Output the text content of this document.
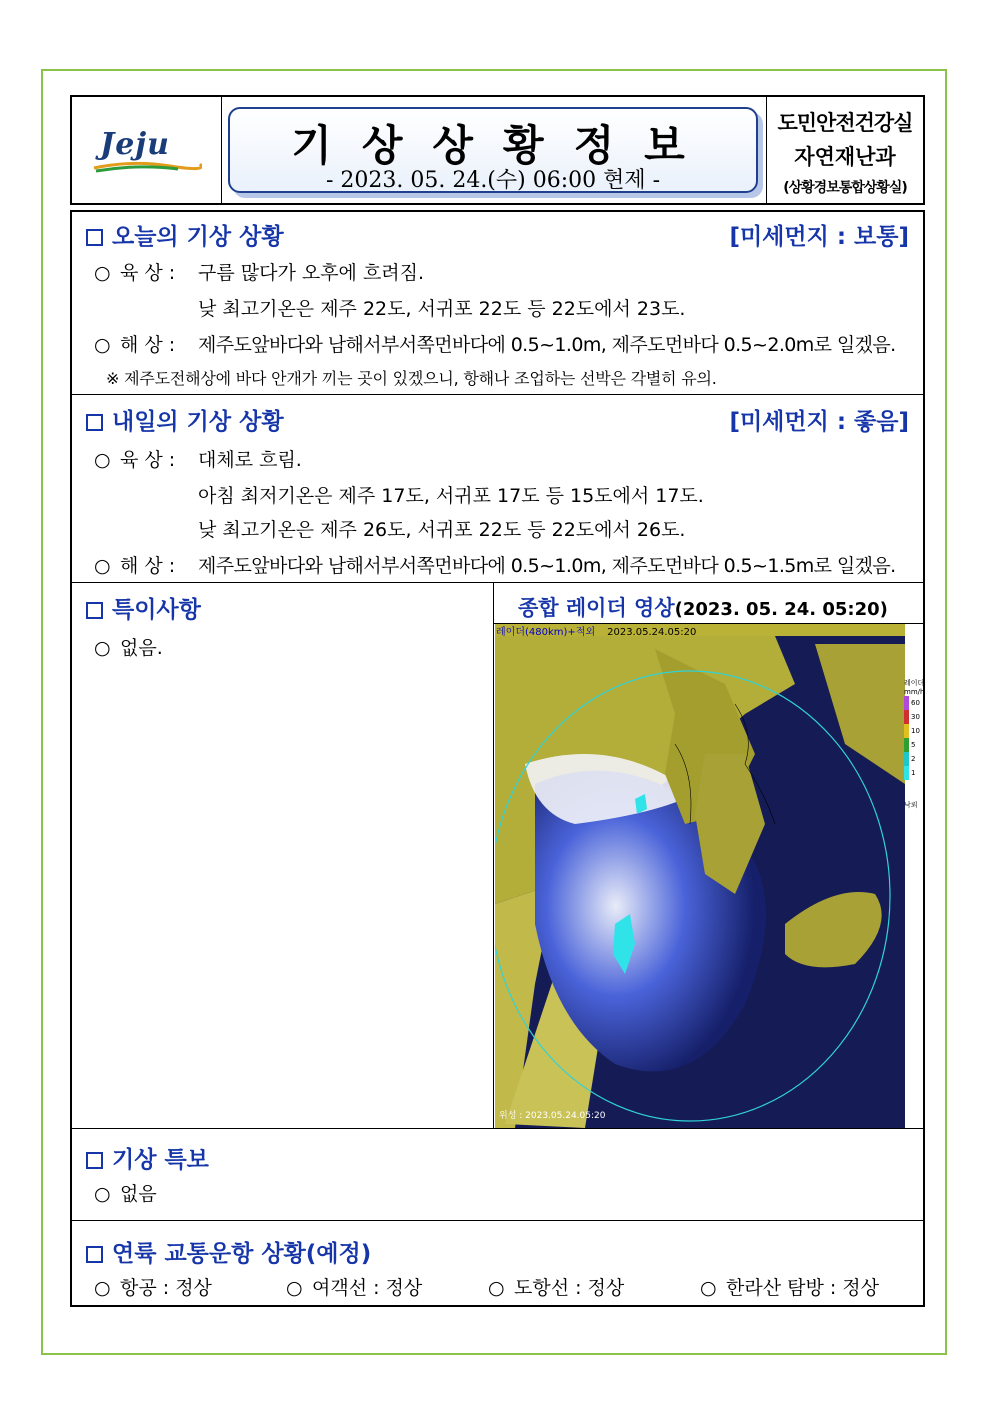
Jeju	기상상황정보
- 2023. 05. 24.(수) 06:00 현제 -
도민안전건강실
자연재난과
(상황경보통합상황실)
오늘의 기상 상황	[미세먼지 : 보통]
○ 육 상 : 구름 많다가 오후에 흐려짐.
낮 최고기온은 제주 22도, 서귀포 22도 등 22도에서 23도.
○ 해 상 : 제주도앞바다와 남해서부서쪽먼바다에 0.5~1.0m, 제주도먼바다 0.5~2.0m로 일겠음.
※ 제주도전해상에 바다 안개가 끼는 곳이 있겠으니, 항해나 조업하는 선박은 각별히 유의.
내일의 기상 상황	[미세먼지 : 좋음]
○ 육 상 : 대체로 흐림.
아침 최저기온은 제주 17도, 서귀포 17도 등 15도에서 17도.
낮 최고기온은 제주 26도, 서귀포 22도 등 22도에서 26도.
○ 해 상 : 제주도앞바다와 남해서부서쪽먼바다에 0.5~1.0m, 제주도먼바다 0.5~1.5m로 일겠음.
특이사항
○ 없음.
종합 레이더 영상(2023. 05. 24. 05:20)
레이더(480km)+적외 2023.05.24.05:20
위성 : 2023.05.24.05:20
레이더
mm/h
60
30
10
5
2
1
낙뢰
기상 특보
○ 없음
연륙 교통운항 상황(예정)
○ 항공 : 정상	○ 여객선 : 정상	○ 도항선 : 정상	○ 한라산 탐방 : 정상
